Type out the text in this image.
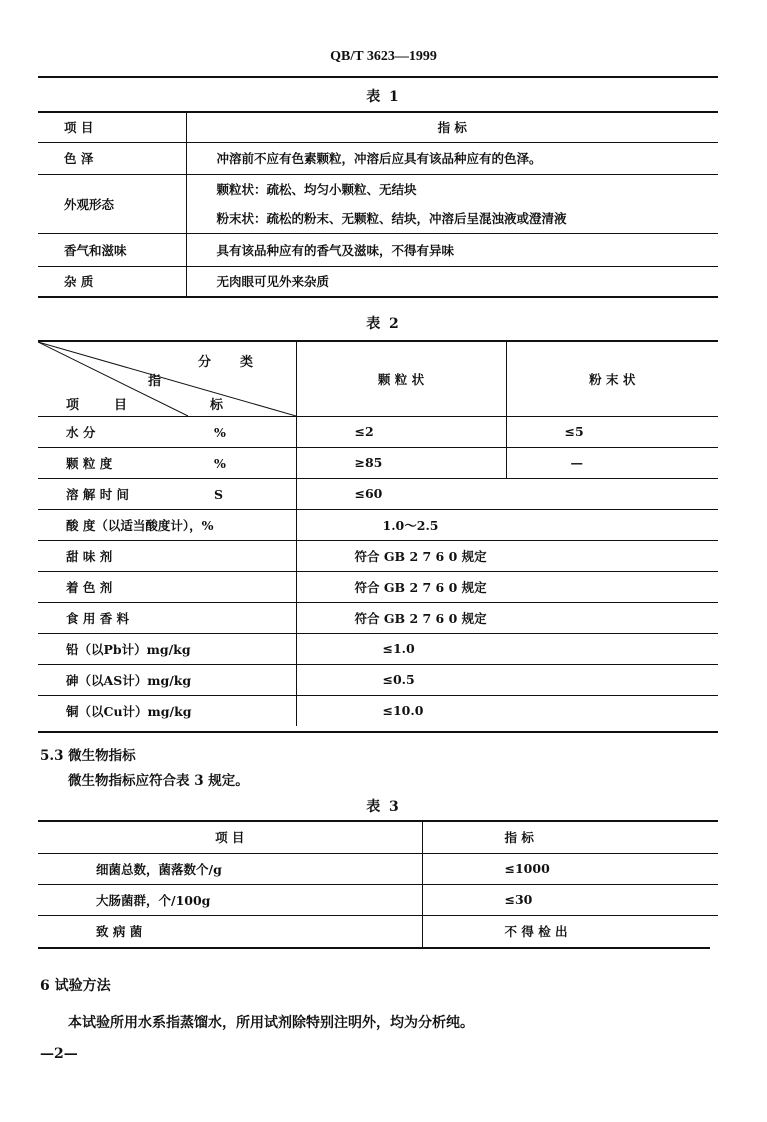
QB/T 3623—1999
表 1
项 目	指 标
色 泽	冲溶前不应有色素颗粒，冲溶后应具有该品种应有的色泽。
外观形态	颗粒状：疏松、均匀小颗粒、无结块
粉末状：疏松的粉末、无颗粒、结块，冲溶后呈混浊液或澄清液

香气和滋味	具有该品种应有的香气及滋味，不得有异味
杂 质	无肉眼可见外来杂质
表 2
分 类
指
标
项	目
	颗 粒 状	粉 末 状
水 分 %	≤2	≤5
颗 粒 度 %	≥85	—
溶 解 时 间 S	≤60	
酸 度（以适当酸度计），%	1.0～2.5	
甜 味 剂	符合 GB 2 7 6 0 规定	
着 色 剂	符合 GB 2 7 6 0 规定	
食 用 香 料	符合 GB 2 7 6 0 规定	
铅（以Pb计）mg/kg	≤1.0	
砷（以AS计）mg/kg	≤0.5	
铜（以Cu计）mg/kg	≤10.0	
5.3 微生物指标
微生物指标应符合表 3 规定。
表 3
项 目	指 标
细菌总数，菌落数个/g	≤1000
大肠菌群，个/100g	≤30
致 病 菌	不 得 检 出
6 试验方法
本试验所用水系指蒸馏水，所用试剂除特别注明外，均为分析纯。
—2—
